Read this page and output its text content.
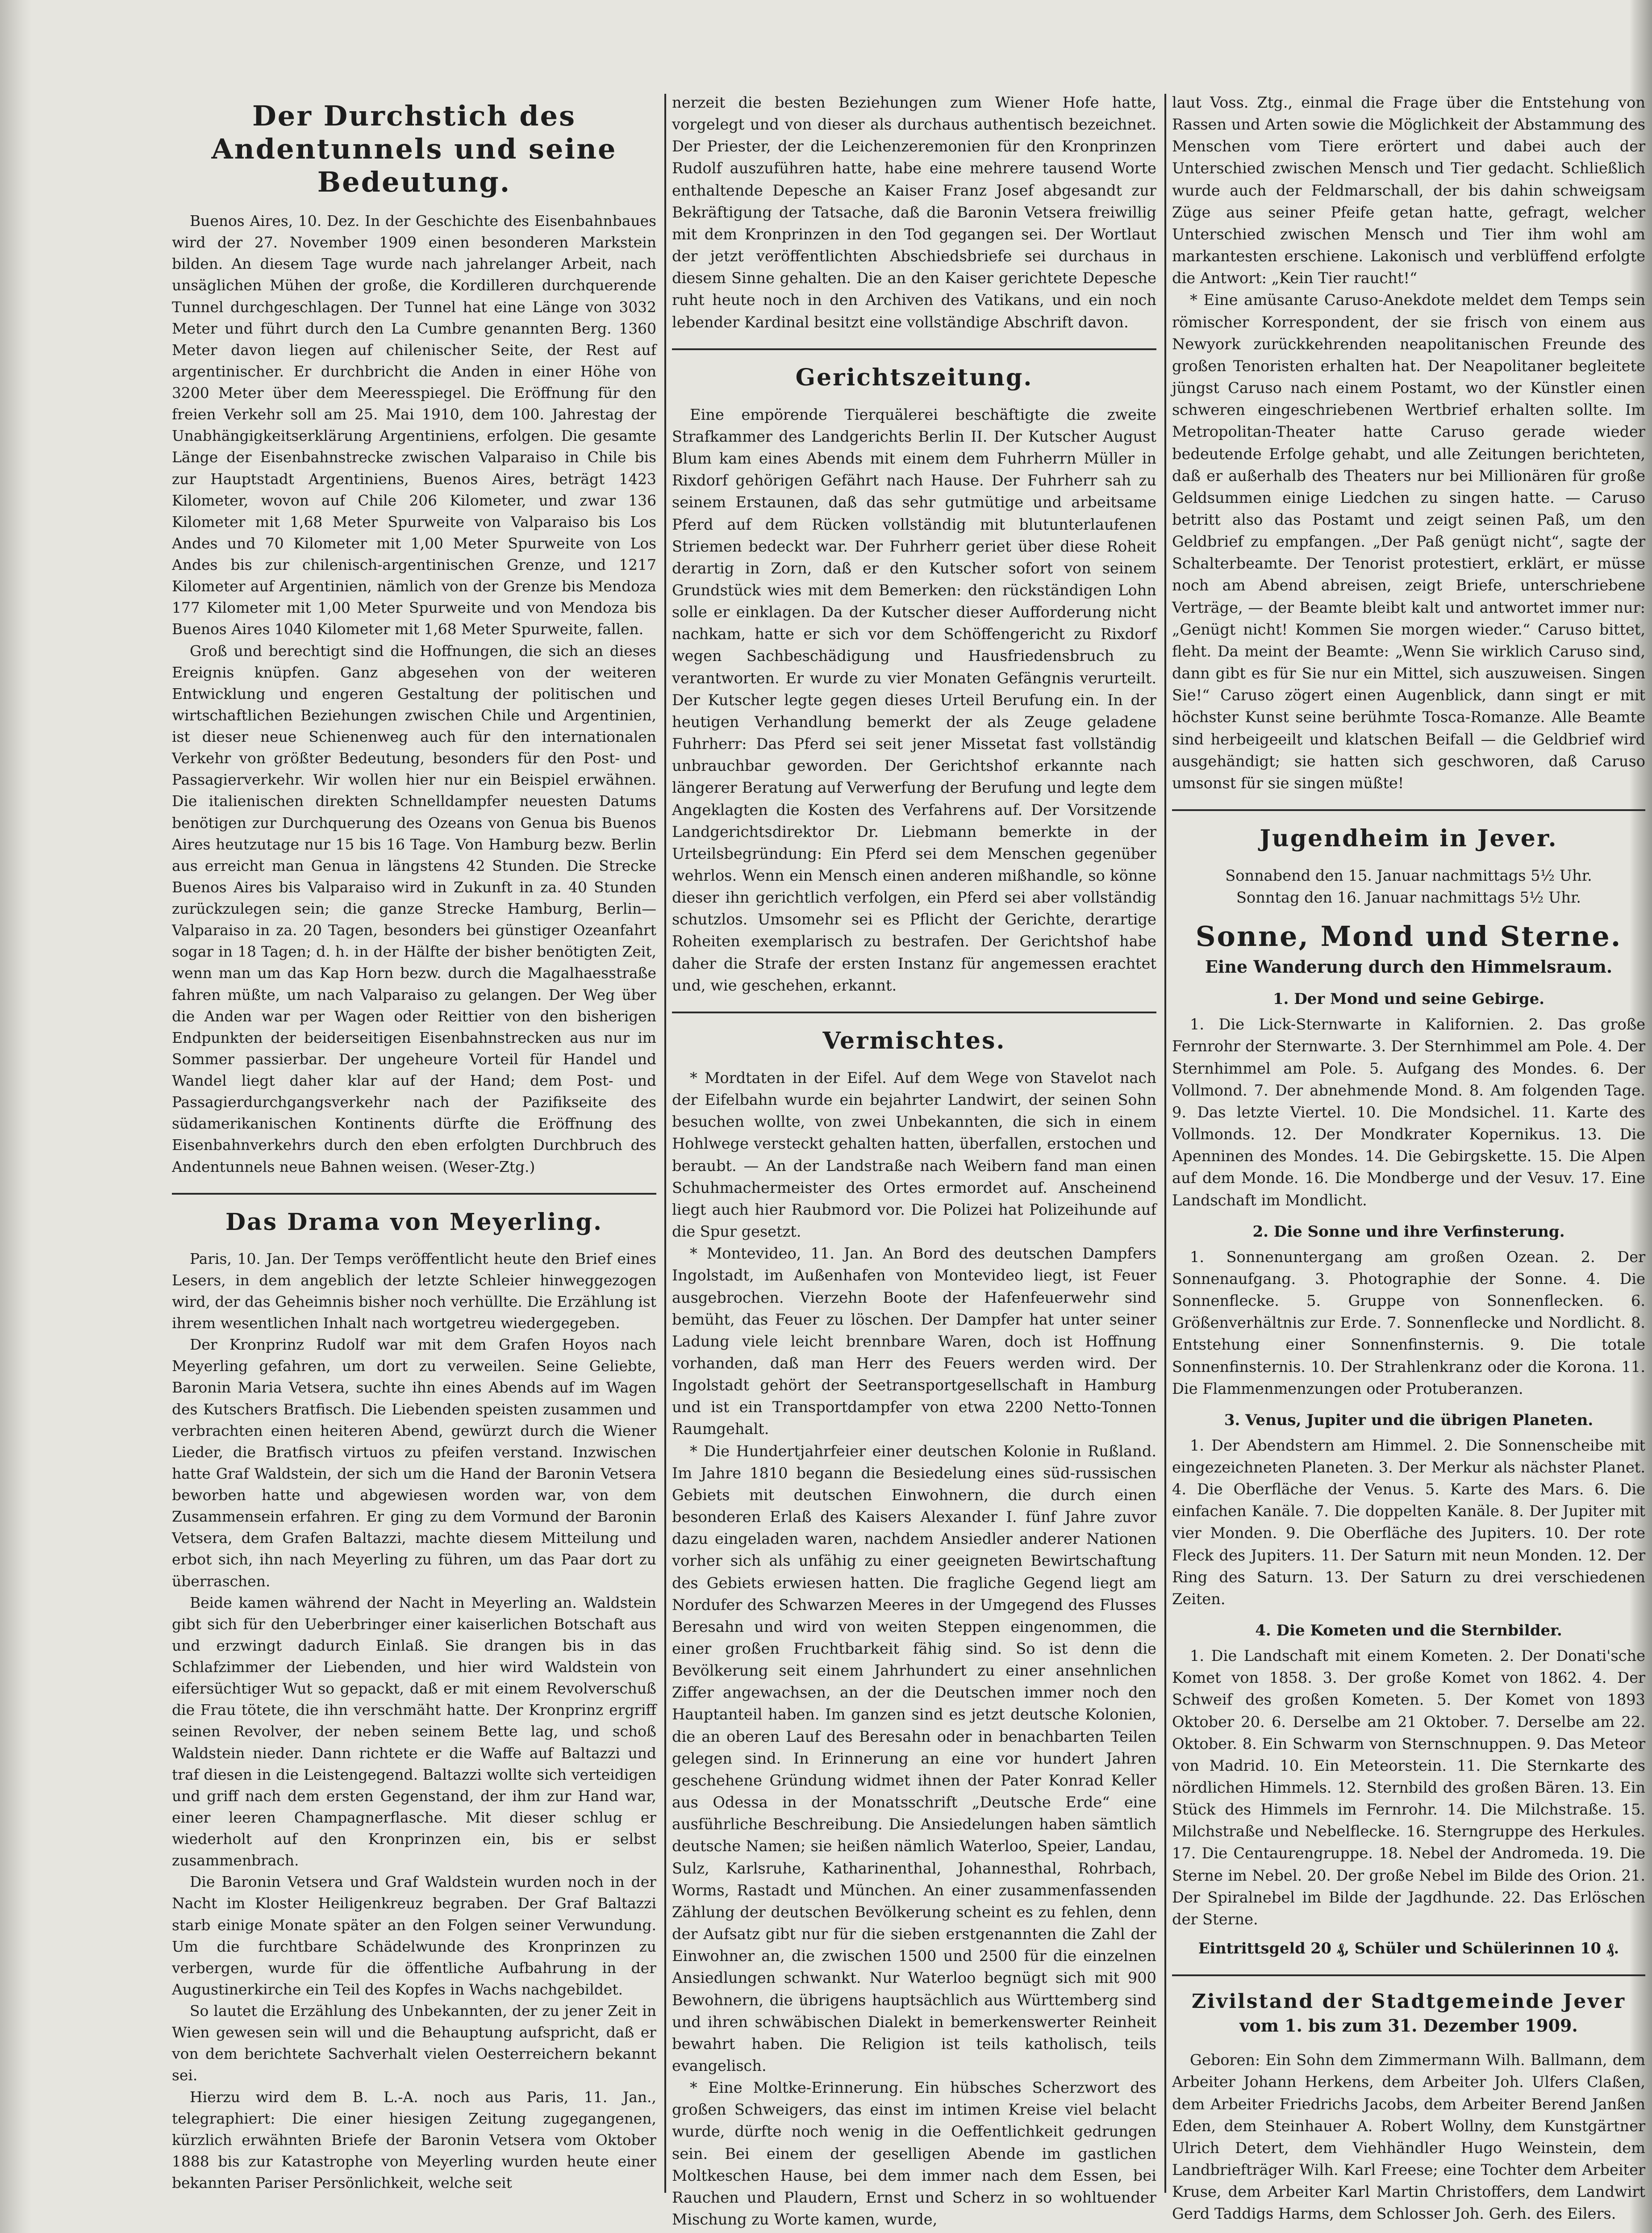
Der Durchstich des Andentunnels und seine Bedeutung.

Buenos Aires, 10. Dez. In der Geschichte des Eisenbahnbaues wird der 27. November 1909 einen besonderen Markstein bilden. An diesem Tage wurde nach jahrelanger Arbeit, nach unsäglichen Mühen der große, die Kordilleren durchquerende Tunnel durchgeschlagen. Der Tunnel hat eine Länge von 3032 Meter und führt durch den La Cumbre genannten Berg. 1360 Meter davon liegen auf chilenischer Seite, der Rest auf argentinischer. Er durchbricht die Anden in einer Höhe von 3200 Meter über dem Meeresspiegel. Die Eröffnung für den freien Verkehr soll am 25. Mai 1910, dem 100. Jahrestag der Unabhängigkeitserklärung Argentiniens, erfolgen. Die gesamte Länge der Eisenbahnstrecke zwischen Valparaiso in Chile bis zur Hauptstadt Argentiniens, Buenos Aires, beträgt 1423 Kilometer, wovon auf Chile 206 Kilometer, und zwar 136 Kilometer mit 1,68 Meter Spurweite von Valparaiso bis Los Andes und 70 Kilometer mit 1,00 Meter Spurweite von Los Andes bis zur chilenisch-argentinischen Grenze, und 1217 Kilometer auf Argentinien, nämlich von der Grenze bis Mendoza 177 Kilometer mit 1,00 Meter Spurweite und von Mendoza bis Buenos Aires 1040 Kilometer mit 1,68 Meter Spurweite, fallen.

Groß und berechtigt sind die Hoffnungen, die sich an dieses Ereignis knüpfen. Ganz abgesehen von der weiteren Entwicklung und engeren Gestaltung der politischen und wirtschaftlichen Beziehungen zwischen Chile und Argentinien, ist dieser neue Schienenweg auch für den internationalen Verkehr von größter Bedeutung, besonders für den Post- und Passagierverkehr. Wir wollen hier nur ein Beispiel erwähnen. Die italienischen direkten Schnelldampfer neuesten Datums benötigen zur Durchquerung des Ozeans von Genua bis Buenos Aires heutzutage nur 15 bis 16 Tage. Von Hamburg bezw. Berlin aus erreicht man Genua in längstens 42 Stunden. Die Strecke Buenos Aires bis Valparaiso wird in Zukunft in za. 40 Stunden zurückzulegen sein; die ganze Strecke Hamburg, Berlin—Valparaiso in za. 20 Tagen, besonders bei günstiger Ozeanfahrt sogar in 18 Tagen; d. h. in der Hälfte der bisher benötigten Zeit, wenn man um das Kap Horn bezw. durch die Magalhaesstraße fahren müßte, um nach Valparaiso zu gelangen. Der Weg über die Anden war per Wagen oder Reittier von den bisherigen Endpunkten der beiderseitigen Eisenbahnstrecken aus nur im Sommer passierbar. Der ungeheure Vorteil für Handel und Wandel liegt daher klar auf der Hand; dem Post- und Passagierdurchgangsverkehr nach der Pazifikseite des südamerikanischen Kontinents dürfte die Eröffnung des Eisenbahnverkehrs durch den eben erfolgten Durchbruch des Andentunnels neue Bahnen weisen. (Weser-Ztg.)

Das Drama von Meyerling.

Paris, 10. Jan. Der Temps veröffentlicht heute den Brief eines Lesers, in dem angeblich der letzte Schleier hinweggezogen wird, der das Geheimnis bisher noch verhüllte. Die Erzählung ist ihrem wesentlichen Inhalt nach wortgetreu wiedergegeben.

Der Kronprinz Rudolf war mit dem Grafen Hoyos nach Meyerling gefahren, um dort zu verweilen. Seine Geliebte, Baronin Maria Vetsera, suchte ihn eines Abends auf im Wagen des Kutschers Bratfisch. Die Liebenden speisten zusammen und verbrachten einen heiteren Abend, gewürzt durch die Wiener Lieder, die Bratfisch virtuos zu pfeifen verstand. Inzwischen hatte Graf Waldstein, der sich um die Hand der Baronin Vetsera beworben hatte und abgewiesen worden war, von dem Zusammensein erfahren. Er ging zu dem Vormund der Baronin Vetsera, dem Grafen Baltazzi, machte diesem Mitteilung und erbot sich, ihn nach Meyerling zu führen, um das Paar dort zu überraschen.

Beide kamen während der Nacht in Meyerling an. Waldstein gibt sich für den Ueberbringer einer kaiserlichen Botschaft aus und erzwingt dadurch Einlaß. Sie drangen bis in das Schlafzimmer der Liebenden, und hier wird Waldstein von eifersüchtiger Wut so gepackt, daß er mit einem Revolverschuß die Frau tötete, die ihn verschmäht hatte. Der Kronprinz ergriff seinen Revolver, der neben seinem Bette lag, und schoß Waldstein nieder. Dann richtete er die Waffe auf Baltazzi und traf diesen in die Leistengegend. Baltazzi wollte sich verteidigen und griff nach dem ersten Gegenstand, der ihm zur Hand war, einer leeren Champagnerflasche. Mit dieser schlug er wiederholt auf den Kronprinzen ein, bis er selbst zusammenbrach.

Die Baronin Vetsera und Graf Waldstein wurden noch in der Nacht im Kloster Heiligenkreuz begraben. Der Graf Baltazzi starb einige Monate später an den Folgen seiner Verwundung. Um die furchtbare Schädelwunde des Kronprinzen zu verbergen, wurde für die öffentliche Aufbahrung in der Augustinerkirche ein Teil des Kopfes in Wachs nachgebildet.

So lautet die Erzählung des Unbekannten, der zu jener Zeit in Wien gewesen sein will und die Behauptung aufspricht, daß er von dem berichtete Sachverhalt vielen Oesterreichern bekannt sei.

Hierzu wird dem B. L.-A. noch aus Paris, 11. Jan., telegraphiert: Die einer hiesigen Zeitung zugegangenen, kürzlich erwähnten Briefe der Baronin Vetsera vom Oktober 1888 bis zur Katastrophe von Meyerling wurden heute einer bekannten Pariser Persönlichkeit, welche seit

nerzeit die besten Beziehungen zum Wiener Hofe hatte, vorgelegt und von dieser als durchaus authentisch bezeichnet. Der Priester, der die Leichenzeremonien für den Kronprinzen Rudolf auszuführen hatte, habe eine mehrere tausend Worte enthaltende Depesche an Kaiser Franz Josef abgesandt zur Bekräftigung der Tatsache, daß die Baronin Vetsera freiwillig mit dem Kronprinzen in den Tod gegangen sei. Der Wortlaut der jetzt veröffentlichten Abschiedsbriefe sei durchaus in diesem Sinne gehalten. Die an den Kaiser gerichtete Depesche ruht heute noch in den Archiven des Vatikans, und ein noch lebender Kardinal besitzt eine vollständige Abschrift davon.

Gerichtszeitung.

Eine empörende Tierquälerei beschäftigte die zweite Strafkammer des Landgerichts Berlin II. Der Kutscher August Blum kam eines Abends mit einem dem Fuhrherrn Müller in Rixdorf gehörigen Gefährt nach Hause. Der Fuhrherr sah zu seinem Erstaunen, daß das sehr gutmütige und arbeitsame Pferd auf dem Rücken vollständig mit blutunterlaufenen Striemen bedeckt war. Der Fuhrherr geriet über diese Roheit derartig in Zorn, daß er den Kutscher sofort von seinem Grundstück wies mit dem Bemerken: den rückständigen Lohn solle er einklagen. Da der Kutscher dieser Aufforderung nicht nachkam, hatte er sich vor dem Schöffengericht zu Rixdorf wegen Sachbeschädigung und Hausfriedensbruch zu verantworten. Er wurde zu vier Monaten Gefängnis verurteilt. Der Kutscher legte gegen dieses Urteil Berufung ein. In der heutigen Verhandlung bemerkt der als Zeuge geladene Fuhrherr: Das Pferd sei seit jener Missetat fast vollständig unbrauchbar geworden. Der Gerichtshof erkannte nach längerer Beratung auf Verwerfung der Berufung und legte dem Angeklagten die Kosten des Verfahrens auf. Der Vorsitzende Landgerichtsdirektor Dr. Liebmann bemerkte in der Urteilsbegründung: Ein Pferd sei dem Menschen gegenüber wehrlos. Wenn ein Mensch einen anderen mißhandle, so könne dieser ihn gerichtlich verfolgen, ein Pferd sei aber vollständig schutzlos. Umsomehr sei es Pflicht der Gerichte, derartige Roheiten exemplarisch zu bestrafen. Der Gerichtshof habe daher die Strafe der ersten Instanz für angemessen erachtet und, wie geschehen, erkannt.

Vermischtes.

* Mordtaten in der Eifel. Auf dem Wege von Stavelot nach der Eifelbahn wurde ein bejahrter Landwirt, der seinen Sohn besuchen wollte, von zwei Unbekannten, die sich in einem Hohlwege versteckt gehalten hatten, überfallen, erstochen und beraubt. — An der Landstraße nach Weibern fand man einen Schuhmachermeister des Ortes ermordet auf. Anscheinend liegt auch hier Raubmord vor. Die Polizei hat Polizeihunde auf die Spur gesetzt.

* Montevideo, 11. Jan. An Bord des deutschen Dampfers Ingolstadt, im Außenhafen von Montevideo liegt, ist Feuer ausgebrochen. Vierzehn Boote der Hafenfeuerwehr sind bemüht, das Feuer zu löschen. Der Dampfer hat unter seiner Ladung viele leicht brennbare Waren, doch ist Hoffnung vorhanden, daß man Herr des Feuers werden wird. Der Ingolstadt gehört der Seetransportgesellschaft in Hamburg und ist ein Transportdampfer von etwa 2200 Netto-Tonnen Raumgehalt.

* Die Hundertjahrfeier einer deutschen Kolonie in Rußland. Im Jahre 1810 begann die Besiedelung eines süd-russischen Gebiets mit deutschen Einwohnern, die durch einen besonderen Erlaß des Kaisers Alexander I. fünf Jahre zuvor dazu eingeladen waren, nachdem Ansiedler anderer Nationen vorher sich als unfähig zu einer geeigneten Bewirtschaftung des Gebiets erwiesen hatten. Die fragliche Gegend liegt am Nordufer des Schwarzen Meeres in der Umgegend des Flusses Beresahn und wird von weiten Steppen eingenommen, die einer großen Fruchtbarkeit fähig sind. So ist denn die Bevölkerung seit einem Jahrhundert zu einer ansehnlichen Ziffer angewachsen, an der die Deutschen immer noch den Hauptanteil haben. Im ganzen sind es jetzt deutsche Kolonien, die an oberen Lauf des Beresahn oder in benachbarten Teilen gelegen sind. In Erinnerung an eine vor hundert Jahren geschehene Gründung widmet ihnen der Pater Konrad Keller aus Odessa in der Monatsschrift „Deutsche Erde“ eine ausführliche Beschreibung. Die Ansiedelungen haben sämtlich deutsche Namen; sie heißen nämlich Waterloo, Speier, Landau, Sulz, Karlsruhe, Katharinenthal, Johannesthal, Rohrbach, Worms, Rastadt und München. An einer zusammenfassenden Zählung der deutschen Bevölkerung scheint es zu fehlen, denn der Aufsatz gibt nur für die sieben erstgenannten die Zahl der Einwohner an, die zwischen 1500 und 2500 für die einzelnen Ansiedlungen schwankt. Nur Waterloo begnügt sich mit 900 Bewohnern, die übrigens hauptsächlich aus Württemberg sind und ihren schwäbischen Dialekt in bemerkenswerter Reinheit bewahrt haben. Die Religion ist teils katholisch, teils evangelisch.

* Eine Moltke-Erinnerung. Ein hübsches Scherzwort des großen Schweigers, das einst im intimen Kreise viel belacht wurde, dürfte noch wenig in die Oeffentlichkeit gedrungen sein. Bei einem der geselligen Abende im gastlichen Moltkeschen Hause, bei dem immer nach dem Essen, bei Rauchen und Plaudern, Ernst und Scherz in so wohltuender Mischung zu Worte kamen, wurde,

laut Voss. Ztg., einmal die Frage über die Entstehung von Rassen und Arten sowie die Möglichkeit der Abstammung des Menschen vom Tiere erörtert und dabei auch der Unterschied zwischen Mensch und Tier gedacht. Schließlich wurde auch der Feldmarschall, der bis dahin schweigsam Züge aus seiner Pfeife getan hatte, gefragt, welcher Unterschied zwischen Mensch und Tier ihm wohl am markantesten erschiene. Lakonisch und verblüffend erfolgte die Antwort: „Kein Tier raucht!“

* Eine amüsante Caruso-Anekdote meldet dem Temps sein römischer Korrespondent, der sie frisch von einem aus Newyork zurückkehrenden neapolitanischen Freunde des großen Tenoristen erhalten hat. Der Neapolitaner begleitete jüngst Caruso nach einem Postamt, wo der Künstler einen schweren eingeschriebenen Wertbrief erhalten sollte. Im Metropolitan-Theater hatte Caruso gerade wieder bedeutende Erfolge gehabt, und alle Zeitungen berichteten, daß er außerhalb des Theaters nur bei Millionären für große Geldsummen einige Liedchen zu singen hatte. — Caruso betritt also das Postamt und zeigt seinen Paß, um den Geldbrief zu empfangen. „Der Paß genügt nicht“, sagte der Schalterbeamte. Der Tenorist protestiert, erklärt, er müsse noch am Abend abreisen, zeigt Briefe, unterschriebene Verträge, — der Beamte bleibt kalt und antwortet immer nur: „Genügt nicht! Kommen Sie morgen wieder.“ Caruso bittet, fleht. Da meint der Beamte: „Wenn Sie wirklich Caruso sind, dann gibt es für Sie nur ein Mittel, sich auszuweisen. Singen Sie!“ Caruso zögert einen Augenblick, dann singt er mit höchster Kunst seine berühmte Tosca-Romanze. Alle Beamte sind herbeigeeilt und klatschen Beifall — die Geldbrief wird ausgehändigt; sie hatten sich geschworen, daß Caruso umsonst für sie singen müßte!

Jugendheim in Jever.

Sonnabend den 15. Januar nachmittags 5½ Uhr.

Sonntag den 16. Januar nachmittags 5½ Uhr.

Sonne, Mond und Sterne.
Eine Wanderung durch den Himmelsraum.
1. Der Mond und seine Gebirge.

1. Die Lick-Sternwarte in Kalifornien. 2. Das große Fernrohr der Sternwarte. 3. Der Sternhimmel am Pole. 4. Der Sternhimmel am Pole. 5. Aufgang des Mondes. 6. Der Vollmond. 7. Der abnehmende Mond. 8. Am folgenden Tage. 9. Das letzte Viertel. 10. Die Mondsichel. 11. Karte des Vollmonds. 12. Der Mondkrater Kopernikus. 13. Die Apenninen des Mondes. 14. Die Gebirgskette. 15. Die Alpen auf dem Monde. 16. Die Mondberge und der Vesuv. 17. Eine Landschaft im Mondlicht.

2. Die Sonne und ihre Verfinsterung.

1. Sonnenuntergang am großen Ozean. 2. Der Sonnenaufgang. 3. Photographie der Sonne. 4. Die Sonnenflecke. 5. Gruppe von Sonnenflecken. 6. Größenverhältnis zur Erde. 7. Sonnenflecke und Nordlicht. 8. Entstehung einer Sonnenfinsternis. 9. Die totale Sonnenfinsternis. 10. Der Strahlenkranz oder die Korona. 11. Die Flammenmenzungen oder Protuberanzen.

3. Venus, Jupiter und die übrigen Planeten.

1. Der Abendstern am Himmel. 2. Die Sonnenscheibe mit eingezeichneten Planeten. 3. Der Merkur als nächster Planet. 4. Die Oberfläche der Venus. 5. Karte des Mars. 6. Die einfachen Kanäle. 7. Die doppelten Kanäle. 8. Der Jupiter mit vier Monden. 9. Die Oberfläche des Jupiters. 10. Der rote Fleck des Jupiters. 11. Der Saturn mit neun Monden. 12. Der Ring des Saturn. 13. Der Saturn zu drei verschiedenen Zeiten.

4. Die Kometen und die Sternbilder.

1. Die Landschaft mit einem Kometen. 2. Der Donati'sche Komet von 1858. 3. Der große Komet von 1862. 4. Der Schweif des großen Kometen. 5. Der Komet von 1893 Oktober 20. 6. Derselbe am 21 Oktober. 7. Derselbe am 22. Oktober. 8. Ein Schwarm von Sternschnuppen. 9. Das Meteor von Madrid. 10. Ein Meteorstein. 11. Die Sternkarte des nördlichen Himmels. 12. Sternbild des großen Bären. 13. Ein Stück des Himmels im Fernrohr. 14. Die Milchstraße. 15. Milchstraße und Nebelflecke. 16. Sterngruppe des Herkules. 17. Die Centaurengruppe. 18. Nebel der Andromeda. 19. Die Sterne im Nebel. 20. Der große Nebel im Bilde des Orion. 21. Der Spiralnebel im Bilde der Jagdhunde. 22. Das Erlöschen der Sterne.

Eintrittsgeld 20 ₰, Schüler und Schülerinnen 10 ₰.

Zivilstand der Stadtgemeinde Jever
vom 1. bis zum 31. Dezember 1909.

Geboren: Ein Sohn dem Zimmermann Wilh. Ballmann, dem Arbeiter Johann Herkens, dem Arbeiter Joh. Ulfers Claßen, dem Arbeiter Friedrichs Jacobs, dem Arbeiter Berend Janßen Eden, dem Steinhauer A. Robert Wollny, dem Kunstgärtner Ulrich Detert, dem Viehhändler Hugo Weinstein, dem Landbriefträger Wilh. Karl Freese; eine Tochter dem Arbeiter Kruse, dem Arbeiter Karl Martin Christoffers, dem Landwirt Gerd Taddigs Harms, dem Schlosser Joh. Gerh. des Eilers.
